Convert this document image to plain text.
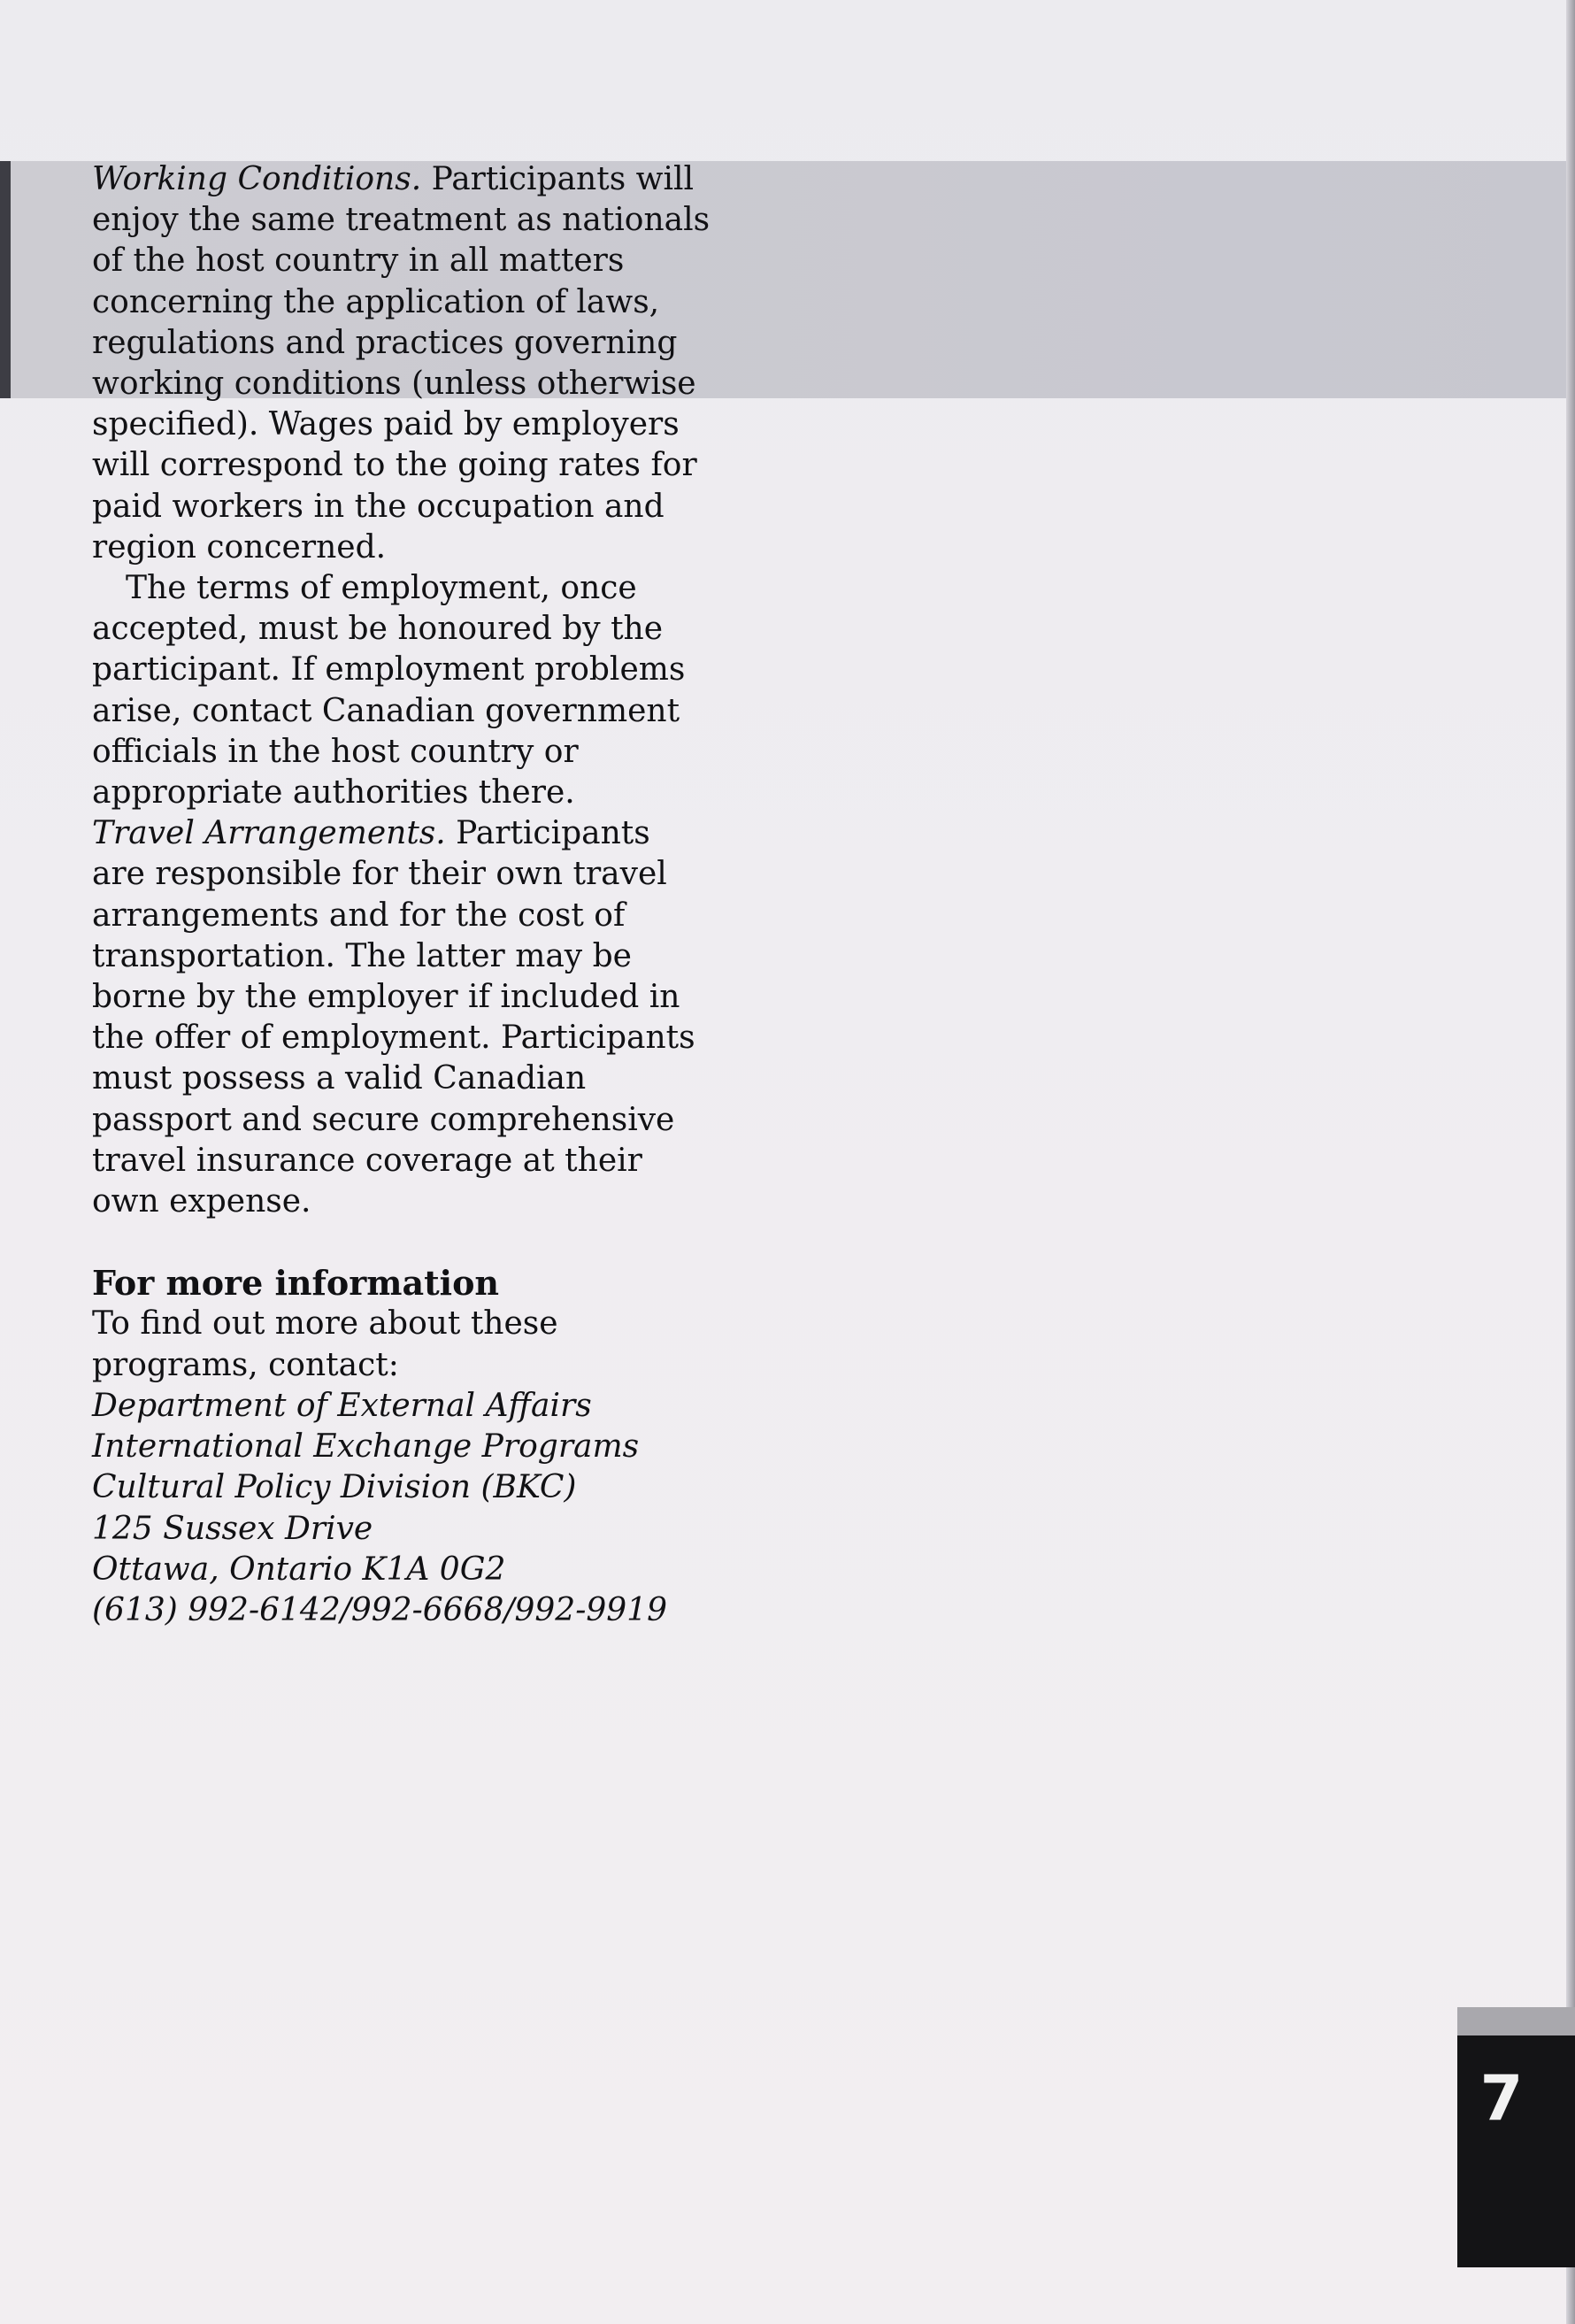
Working Conditions. Participants will enjoy the same treatment as nationals of the host country in all matters concerning the application of laws, regulations and practices governing working conditions (unless otherwise specified). Wages paid by employers will correspond to the going rates for paid workers in the occupation and region concerned.

The terms of employment, once accepted, must be honoured by the participant. If employment problems arise, contact Canadian government officials in the host country or appropriate authorities there.

Travel Arrangements. Participants are responsible for their own travel arrangements and for the cost of transportation. The latter may be borne by the employer if included in the offer of employment. Participants must possess a valid Canadian passport and secure comprehensive travel insurance coverage at their own expense.

For more information

To find out more about these programs, contact:

Department of External Affairs

International Exchange Programs

Cultural Policy Division (BKC)

125 Sussex Drive

Ottawa, Ontario K1A 0G2

(613) 992-6142/992-6668/992-9919

7
